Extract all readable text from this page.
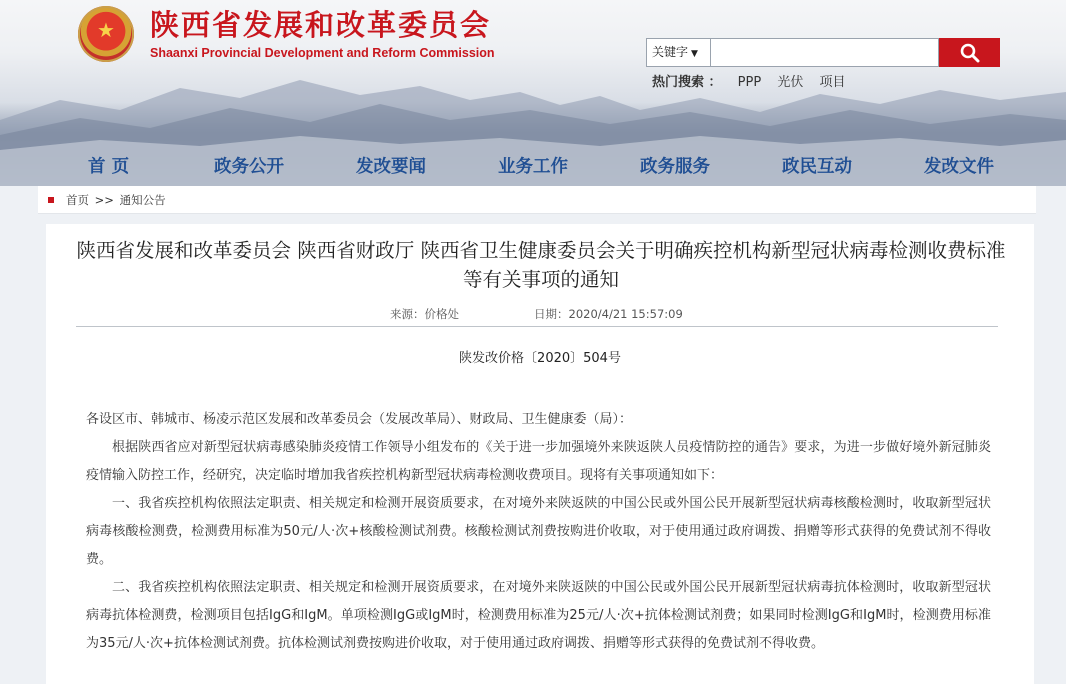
★
陕西省发展和改革委员会
Shaanxi Provincial Development and Reform Commission	关键字 ▼
热门搜索 ： PPP 光伏 项目
首 页	政务公开	发改要闻	业务工作	政务服务	政民互动	发改文件
首页 >> 通知公告
陕西省发展和改革委员会 陕西省财政厅 陕西省卫生健康委员会关于明确疾控机构新型冠状病毒检测收费标准等有关事项的通知
来源：价格处	日期：2020/4/21 15:57:09
陕发改价格〔2020〕504号

各设区市、韩城市、杨凌示范区发展和改革委员会（发展改革局）、财政局、卫生健康委（局）：

根据陕西省应对新型冠状病毒感染肺炎疫情工作领导小组发布的《关于进一步加强境外来陕返陕人员疫情防控的通告》要求，为进一步做好境外新冠肺炎疫情输入防控工作，经研究，决定临时增加我省疾控机构新型冠状病毒检测收费项目。现将有关事项通知如下：

一、我省疾控机构依照法定职责、相关规定和检测开展资质要求，在对境外来陕返陕的中国公民或外国公民开展新型冠状病毒核酸检测时，收取新型冠状病毒核酸检测费，检测费用标准为50元/人·次+核酸检测试剂费。核酸检测试剂费按购进价收取，对于使用通过政府调拨、捐赠等形式获得的免费试剂不得收费。

二、我省疾控机构依照法定职责、相关规定和检测开展资质要求，在对境外来陕返陕的中国公民或外国公民开展新型冠状病毒抗体检测时，收取新型冠状病毒抗体检测费，检测项目包括IgG和IgM。单项检测IgG或IgM时，检测费用标准为25元/人·次+抗体检测试剂费；如果同时检测IgG和IgM时，检测费用标准为35元/人·次+抗体检测试剂费。抗体检测试剂费按购进价收取，对于使用通过政府调拨、捐赠等形式获得的免费试剂不得收费。
